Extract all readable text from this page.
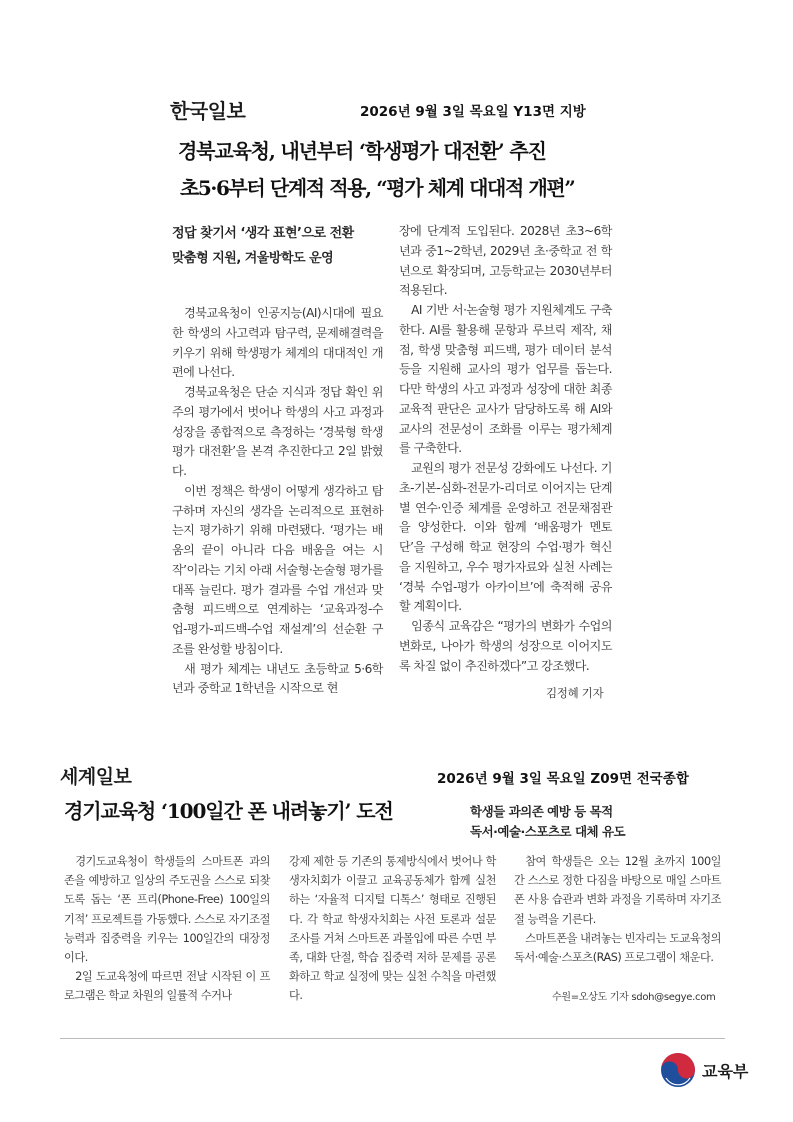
한국일보	2026년 9월 3일 목요일 Y13면 지방
경북교육청, 내년부터 ‘학생평가 대전환’ 추진
초5·6부터 단계적 적용, “평가 체계 대대적 개편”
정답 찾기서 ‘생각 표현’으로 전환
맞춤형 지원, 겨울방학도 운영

경북교육청이 인공지능(AI)시대에 필요한 학생의 사고력과 탐구력, 문제해결력을 키우기 위해 학생평가 체계의 대대적인 개편에 나선다.

경북교육청은 단순 지식과 정답 확인 위주의 평가에서 벗어나 학생의 사고 과정과 성장을 종합적으로 측정하는 ‘경북형 학생평가 대전환’을 본격 추진한다고 2일 밝혔다.

이번 정책은 학생이 어떻게 생각하고 탐구하며 자신의 생각을 논리적으로 표현하는지 평가하기 위해 마련됐다. ‘평가는 배움의 끝이 아니라 다음 배움을 여는 시작’이라는 기치 아래 서술형·논술형 평가를 대폭 늘린다. 평가 결과를 수업 개선과 맞춤형 피드백으로 연계하는 ‘교육과정-수업-평가-피드백-수업 재설계’의 선순환 구조를 완성할 방침이다.

새 평가 체계는 내년도 초등학교 5·6학년과 중학교 1학년을 시작으로 현

장에 단계적 도입된다. 2028년 초3~6학년과 중1~2학년, 2029년 초·중학교 전 학년으로 확장되며, 고등학교는 2030년부터 적용된다.

AI 기반 서·논술형 평가 지원체계도 구축한다. AI를 활용해 문항과 루브릭 제작, 채점, 학생 맞춤형 피드백, 평가 데이터 분석 등을 지원해 교사의 평가 업무를 돕는다. 다만 학생의 사고 과정과 성장에 대한 최종 교육적 판단은 교사가 담당하도록 해 AI와 교사의 전문성이 조화를 이루는 평가체계를 구축한다.

교원의 평가 전문성 강화에도 나선다. 기초-기본-심화-전문가-리더로 이어지는 단계별 연수·인증 체계를 운영하고 전문채점관을 양성한다. 이와 함께 ‘배움평가 멘토단’을 구성해 학교 현장의 수업·평가 혁신을 지원하고, 우수 평가자료와 실천 사례는 ‘경북 수업-평가 아카이브’에 축적해 공유할 계획이다.

임종식 교육감은 “평가의 변화가 수업의 변화로, 나아가 학생의 성장으로 이어지도록 차질 없이 추진하겠다”고 강조했다.

김정혜 기자
세계일보	2026년 9월 3일 목요일 Z09면 전국종합
경기교육청 ‘100일간 폰 내려놓기’ 도전	학생들 과의존 예방 등 목적
독서·예술·스포츠로 대체 유도

경기도교육청이 학생들의 스마트폰 과의존을 예방하고 일상의 주도권을 스스로 되찾도록 돕는 ‘폰 프리(Phone-Free) 100일의 기적’ 프로젝트를 가동했다. 스스로 자기조절 능력과 집중력을 키우는 100일간의 대장정이다.

2일 도교육청에 따르면 전날 시작된 이 프로그램은 학교 차원의 일률적 수거나

강제 제한 등 기존의 통제방식에서 벗어나 학생자치회가 이끌고 교육공동체가 함께 실천하는 ‘자율적 디지털 디톡스’ 형태로 진행된다. 각 학교 학생자치회는 사전 토론과 설문조사를 거쳐 스마트폰 과몰입에 따른 수면 부족, 대화 단절, 학습 집중력 저하 문제를 공론화하고 학교 실정에 맞는 실천 수칙을 마련했다.

참여 학생들은 오는 12월 초까지 100일 간 스스로 정한 다짐을 바탕으로 매일 스마트폰 사용 습관과 변화 과정을 기록하며 자기조절 능력을 기른다.

스마트폰을 내려놓는 빈자리는 도교육청의 독서·예술·스포츠(RAS) 프로그램이 채운다.

수원=오상도 기자 sdoh@segye.com
교육부
